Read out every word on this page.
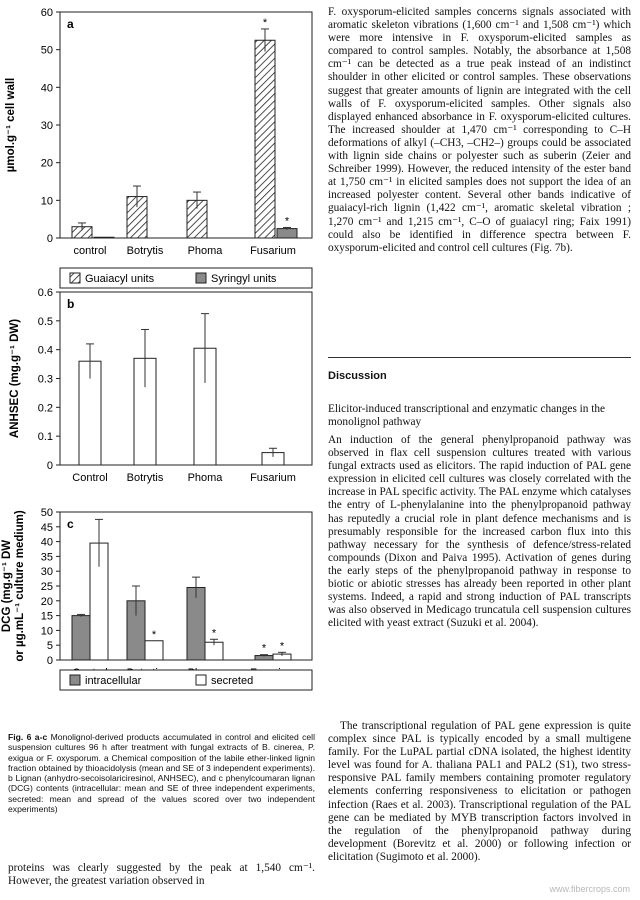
0
10
20
30
40
50
60
µmol.g⁻¹ cell wall
a
control Botrytis Phoma	Fusarium
*
*
Guaiacyl units	Syringyl units
0
0.1
0.2
0.3
0.4
0.5
0.6
ANHSEC (mg.g⁻¹ DW)
b
Control Botrytis Phoma	Fusarium
0
5
10
15
20
25
30
35
40
45
50
DCG (mg.g⁻¹ DW or µg.mL⁻¹ culture medium)	c
*	*
* *
intracellular	secreted
Fig. 6 a-c Monolignol-derived products accumulated in control and elicited cell suspension cultures 96 h after treatment with fungal extracts of B. cinerea, P. exigua or F. oxysporum. a Chemical composition of the labile ether-linked lignin fraction obtained by thioacidolysis (mean and SE of 3 independent experiments). b Lignan (anhydro-secoisolariciresinol, ANHSEC), and c phenylcoumaran lignan (DCG) contents (intracellular: mean and SE of three independent experiments, secreted: mean and spread of the values scored over two independent experiments)

proteins was clearly suggested by the peak at 1,540 cm⁻¹. However, the greatest variation observed in

F. oxysporum-elicited samples concerns signals associated with aromatic skeleton vibrations (1,600 cm⁻¹ and 1,508 cm⁻¹) which were more intensive in F. oxysporum-elicited samples as compared to control samples. Notably, the absorbance at 1,508 cm⁻¹ can be detected as a true peak instead of an indistinct shoulder in other elicited or control samples. These observations suggest that greater amounts of lignin are integrated with the cell walls of F. oxysporum-elicited samples. Other signals also displayed enhanced absorbance in F. oxysporum-elicited cultures. The increased shoulder at 1,470 cm⁻¹ corresponding to C–H deformations of alkyl (–CH3, –CH2–) groups could be associated with lignin side chains or polyester such as suberin (Zeier and Schreiber 1999). However, the reduced intensity of the ester band at 1,750 cm⁻¹ in elicited samples does not support the idea of an increased polyester content. Several other bands indicative of guaiacyl-rich lignin (1,422 cm⁻¹, aromatic skeletal vibration ; 1,270 cm⁻¹ and 1,215 cm⁻¹, C–O of guaiacyl ring; Faix 1991) could also be identified in difference spectra between F. oxysporum-elicited and control cell cultures (Fig. 7b).

Discussion
Elicitor-induced transcriptional and enzymatic changes in the monolignol pathway

An induction of the general phenylpropanoid pathway was observed in flax cell suspension cultures treated with various fungal extracts used as elicitors. The rapid induction of PAL gene expression in elicited cell cultures was closely correlated with the increase in PAL specific activity. The PAL enzyme which catalyses the entry of L-phenylalanine into the phenylpropanoid pathway has reputedly a crucial role in plant defence mechanisms and is presumably responsible for the increased carbon flux into this pathway necessary for the synthesis of defence/stress-related compounds (Dixon and Paiva 1995). Activation of genes during the early steps of the phenylpropanoid pathway in response to biotic or abiotic stresses has already been reported in other plant systems. Indeed, a rapid and strong induction of PAL transcripts was also observed in Medicago truncatula cell suspension cultures elicited with yeast extract (Suzuki et al. 2004).

The transcriptional regulation of PAL gene expression is quite complex since PAL is typically encoded by a small multigene family. For the LuPAL partial cDNA isolated, the highest identity level was found for A. thaliana PAL1 and PAL2 (S1), two stress-responsive PAL family members containing promoter regulatory elements conferring responsiveness to elicitation or pathogen infection (Raes et al. 2003). Transcriptional regulation of the PAL gene can be mediated by MYB transcription factors involved in the regulation of the phenylpropanoid pathway during development (Borevitz et al. 2000) or following infection or elicitation (Sugimoto et al. 2000).

www.fibercrops.com
